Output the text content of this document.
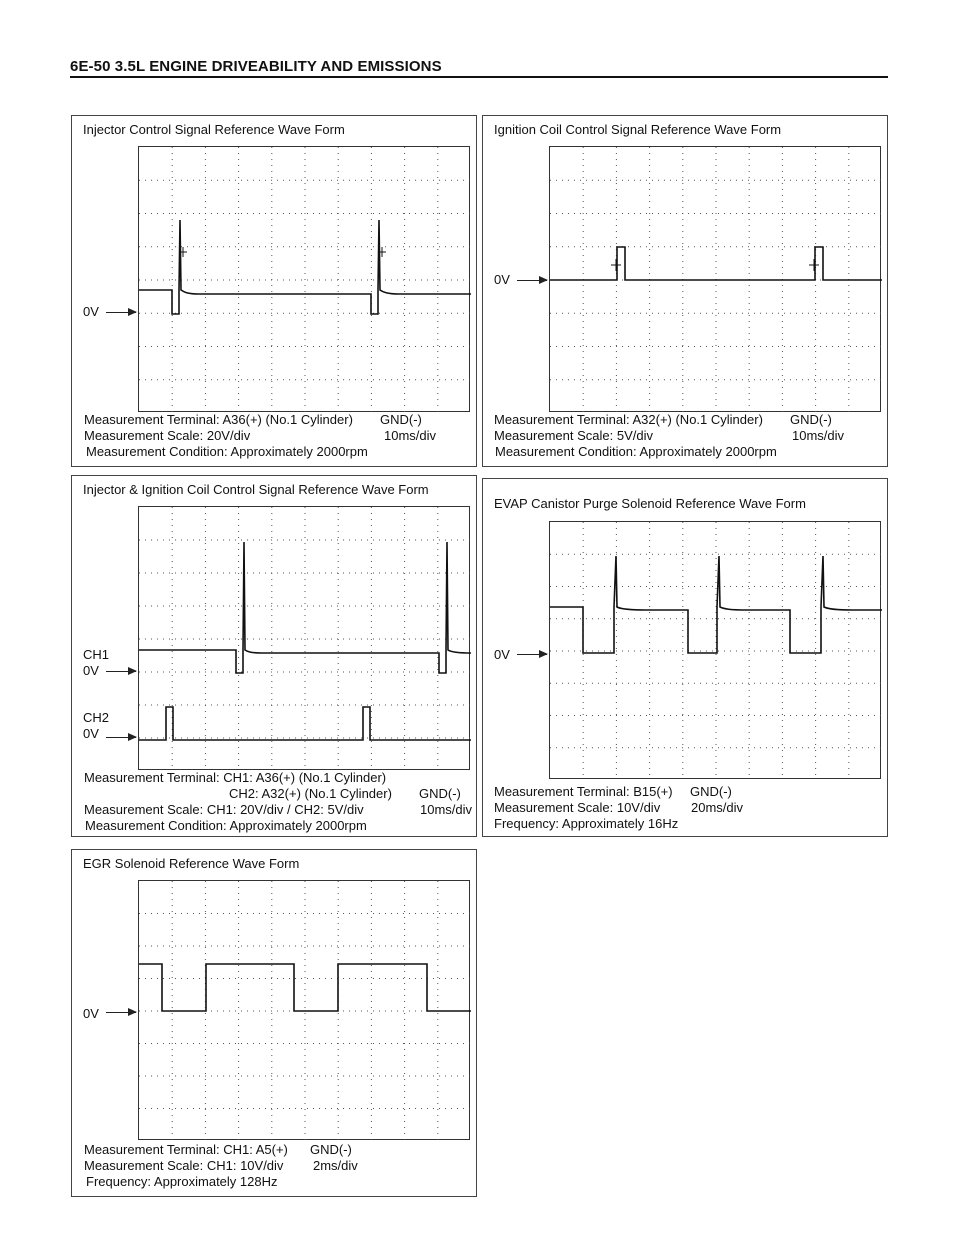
6E-50 3.5L ENGINE DRIVEABILITY AND EMISSIONS
Injector Control Signal Reference Wave Form
0V
Measurement Terminal: A36(+) (No.1 Cylinder) GND(-)
Measurement Scale: 20V/div	10ms/div
Measurement Condition: Approximately 2000rpm
Ignition Coil Control Signal Reference Wave Form
0V
Measurement Terminal: A32(+) (No.1 Cylinder) GND(-)
Measurement Scale: 5V/div	10ms/div
Measurement Condition: Approximately 2000rpm
Injector & Ignition Coil Control Signal Reference Wave Form
CH1
0V
CH2
0V
Measurement Terminal: CH1: A36(+) (No.1 Cylinder)
CH2: A32(+) (No.1 Cylinder) GND(-)
Measurement Scale: CH1: 20V/div / CH2: 5V/div	10ms/div
Measurement Condition: Approximately 2000rpm
EVAP Canistor Purge Solenoid Reference Wave Form
0V
Measurement Terminal: B15(+) GND(-)
Measurement Scale: 10V/div 20ms/div
Frequency: Approximately 16Hz
EGR Solenoid Reference Wave Form
0V
Measurement Terminal: CH1: A5(+) GND(-)
Measurement Scale: CH1: 10V/div 2ms/div
Frequency: Approximately 128Hz
